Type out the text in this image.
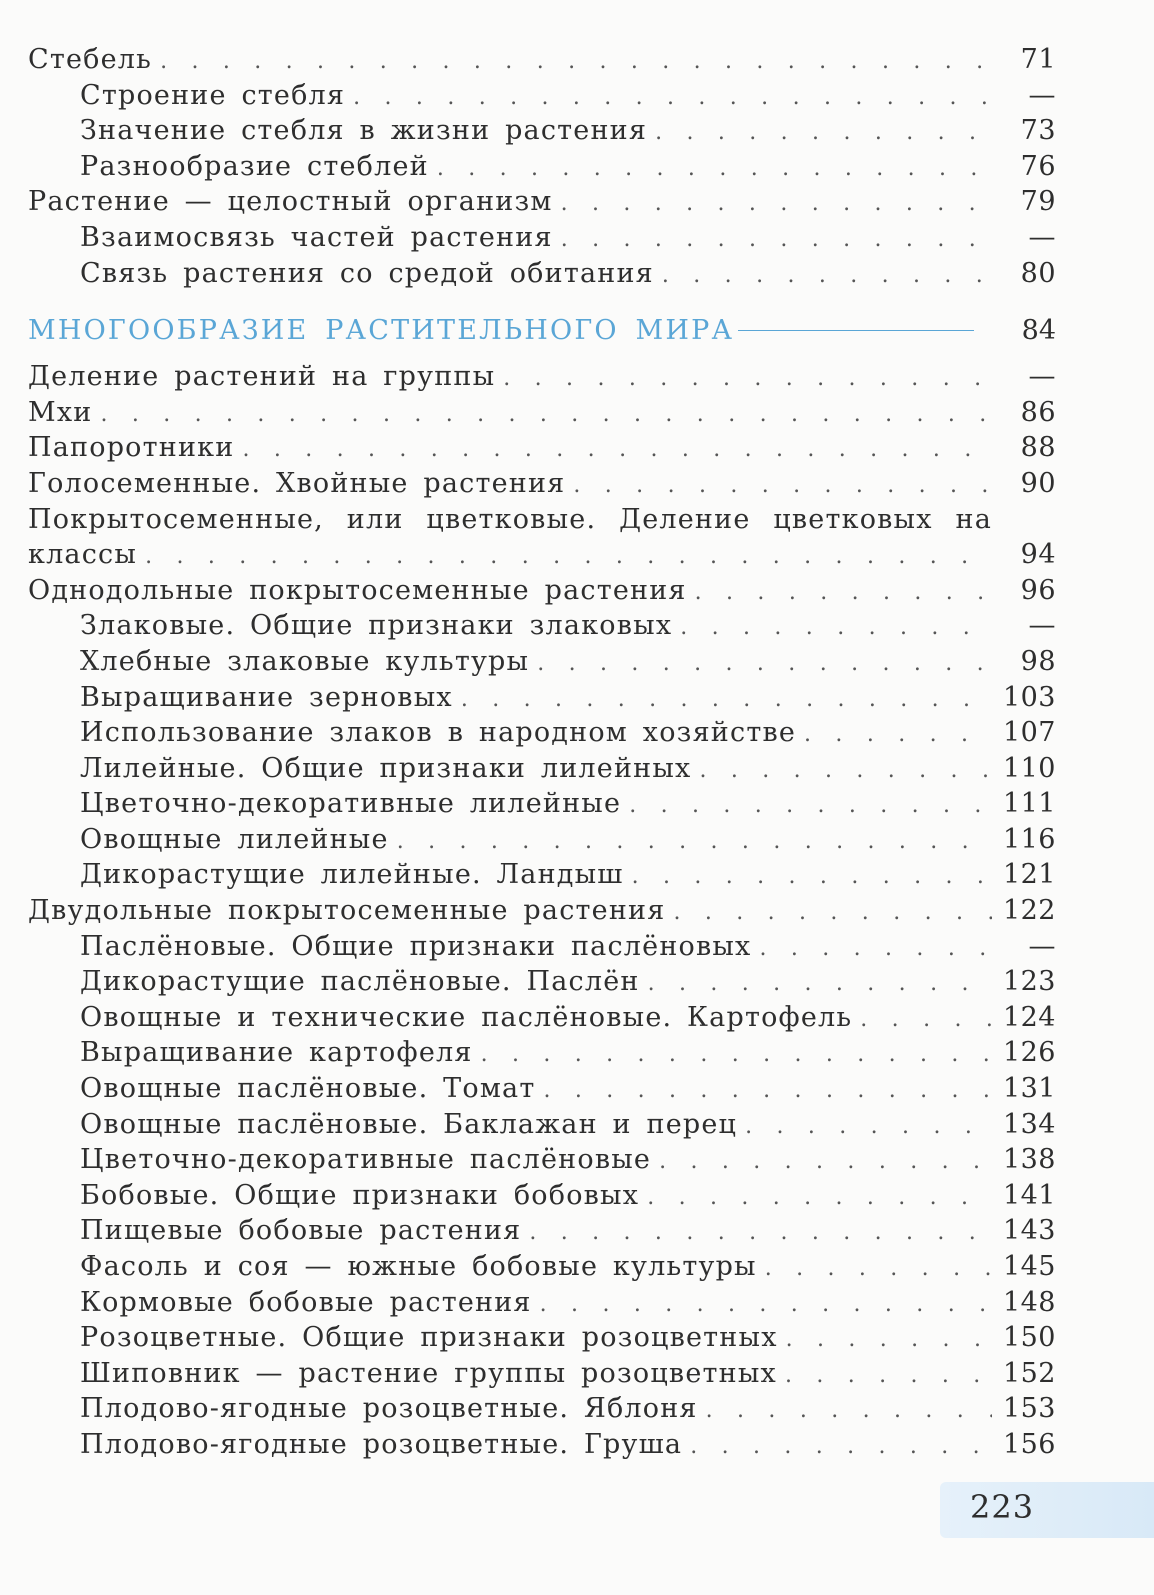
Стебель . . .	71
Строение стебля . . .	—
Значение стебля в жизни растения . . .	73
Разнообразие стеблей . . .	76
Растение — целостный организм . . .	79
Взаимосвязь частей растения . . .	—
Связь растения со средой обитания . . .	80
МНОГООБРАЗИЕ РАСТИТЕЛЬНОГО МИРА	84
Деление растений на группы . . .	—
Мхи . . .	86
Папоротники . . .	88
Голосеменные. Хвойные растения . . .	90
Покрытосеменные, или цветковые. Деление цветковых на
классы . . .	94
Однодольные покрытосеменные растения . . .	96
Злаковые. Общие признаки злаковых . . .	—
Хлебные злаковые культуры . . .	98
Выращивание зерновых . . .	103
Использование злаков в народном хозяйстве . . .	107
Лилейные. Общие признаки лилейных . . .	110
Цветочно-декоративные лилейные . . .	111
Овощные лилейные . . .	116
Дикорастущие лилейные. Ландыш . . .	121
Двудольные покрытосеменные растения . . .	122
Паслёновые. Общие признаки паслёновых . . .	—
Дикорастущие паслёновые. Паслён . . .	123
Овощные и технические паслёновые. Картофель . . .	124
Выращивание картофеля . . .	126
Овощные паслёновые. Томат . . .	131
Овощные паслёновые. Баклажан и перец . . .	134
Цветочно-декоративные паслёновые . . .	138
Бобовые. Общие признаки бобовых . . .	141
Пищевые бобовые растения . . .	143
Фасоль и соя — южные бобовые культуры . . .	145
Кормовые бобовые растения . . .	148
Розоцветные. Общие признаки розоцветных . . .	150
Шиповник — растение группы розоцветных . . .	152
Плодово-ягодные розоцветные. Яблоня . . .	153
Плодово-ягодные розоцветные. Груша . . .	156
223
